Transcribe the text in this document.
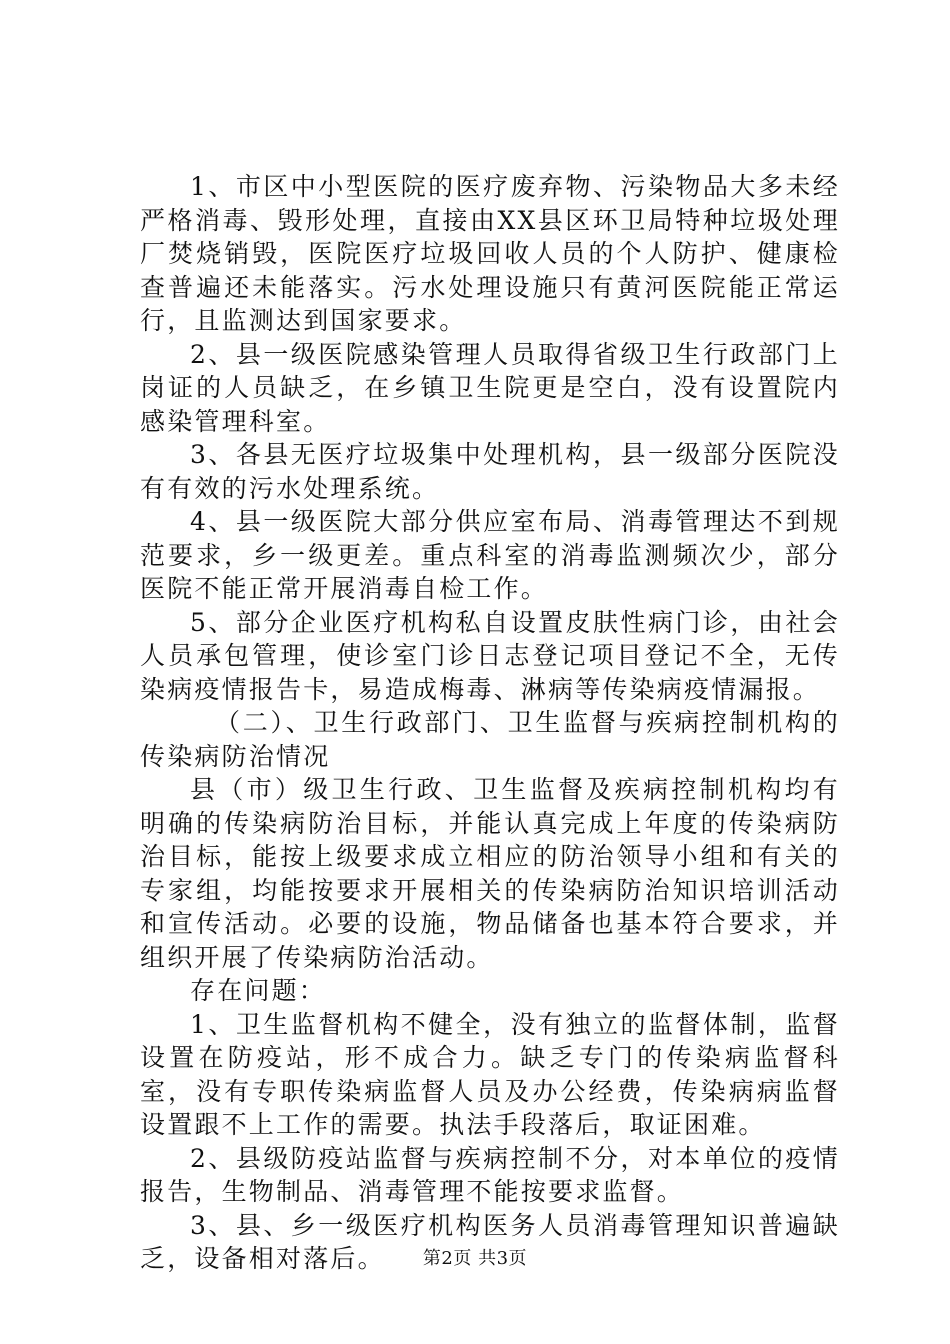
1、市区中小型医院的医疗废弃物、污染物品大多未经严格消毒、毁形处理，直接由XX县区环卫局特种垃圾处理厂焚烧销毁，医院医疗垃圾回收人员的个人防护、健康检查普遍还未能落实。污水处理设施只有黄河医院能正常运行，且监测达到国家要求。

2、县一级医院感染管理人员取得省级卫生行政部门上岗证的人员缺乏，在乡镇卫生院更是空白，没有设置院内感染管理科室。

3、各县无医疗垃圾集中处理机构，县一级部分医院没有有效的污水处理系统。

4、县一级医院大部分供应室布局、消毒管理达不到规范要求，乡一级更差。重点科室的消毒监测频次少，部分医院不能正常开展消毒自检工作。

5、部分企业医疗机构私自设置皮肤性病门诊，由社会人员承包管理，使诊室门诊日志登记项目登记不全，无传染病疫情报告卡，易造成梅毒、淋病等传染病疫情漏报。

（二）、卫生行政部门、卫生监督与疾病控制机构的传染病防治情况

县（市）级卫生行政、卫生监督及疾病控制机构均有明确的传染病防治目标，并能认真完成上年度的传染病防治目标，能按上级要求成立相应的防治领导小组和有关的专家组，均能按要求开展相关的传染病防治知识培训活动和宣传活动。必要的设施，物品储备也基本符合要求，并组织开展了传染病防治活动。

存在问题：

1、卫生监督机构不健全，没有独立的监督体制，监督设置在防疫站，形不成合力。缺乏专门的传染病监督科室，没有专职传染病监督人员及办公经费，传染病病监督设置跟不上工作的需要。执法手段落后，取证困难。

2、县级防疫站监督与疾病控制不分，对本单位的疫情报告，生物制品、消毒管理不能按要求监督。

3、县、乡一级医疗机构医务人员消毒管理知识普遍缺乏，设备相对落后。	第2页 共3页
